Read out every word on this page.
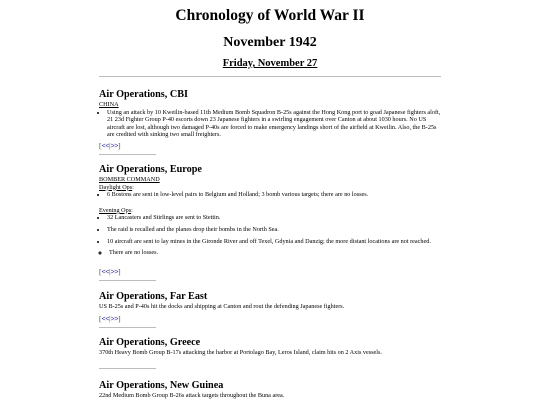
Chronology of World War II
November 1942
Friday, November 27
Air Operations, CBI
CHINA
• Using an attack by 10 Kweilin-based 11th Medium Bomb Squadron B-25s against the Hong Kong port to goad Japanese fighters aloft, 21 23d Fighter Group P-40 escorts down 23 Japanese fighters in a swirling engagement over Canton at about 1030 hours. No US aircraft are lost, although two damaged P-40s are forced to make emergency landings short of the airfield at Kweilin. Also, the B-25s are credited with sinking two small freighters.
[<<|>>]
Air Operations, Europe
BOMBER COMMAND

Daylight Ops:

• 6 Bostons are sent in low-level pairs to Belgium and Holland; 3 bomb various targets; there are no losses.

Evening Ops:

• 32 Lancasters and Stirlings are sent to Stettin.
• The raid is recalled and the planes drop their bombs in the North Sea.
• 10 aircraft are sent to lay mines in the Gironde River and off Texel, Gdynia and Danzig; the more distant locations are not reached.
◦ There are no losses.
[<<|>>]
Air Operations, Far East

US B-25s and P-40s hit the docks and shipping at Canton and rout the defending Japanese fighters.

[<<|>>]
Air Operations, Greece

370th Heavy Bomb Group B-17s attacking the harbor at Portolago Bay, Leros Island, claim hits on 2 Axis vessels.

Air Operations, New Guinea

22nd Medium Bomb Group B-26s attack targets throughout the Buna area.
